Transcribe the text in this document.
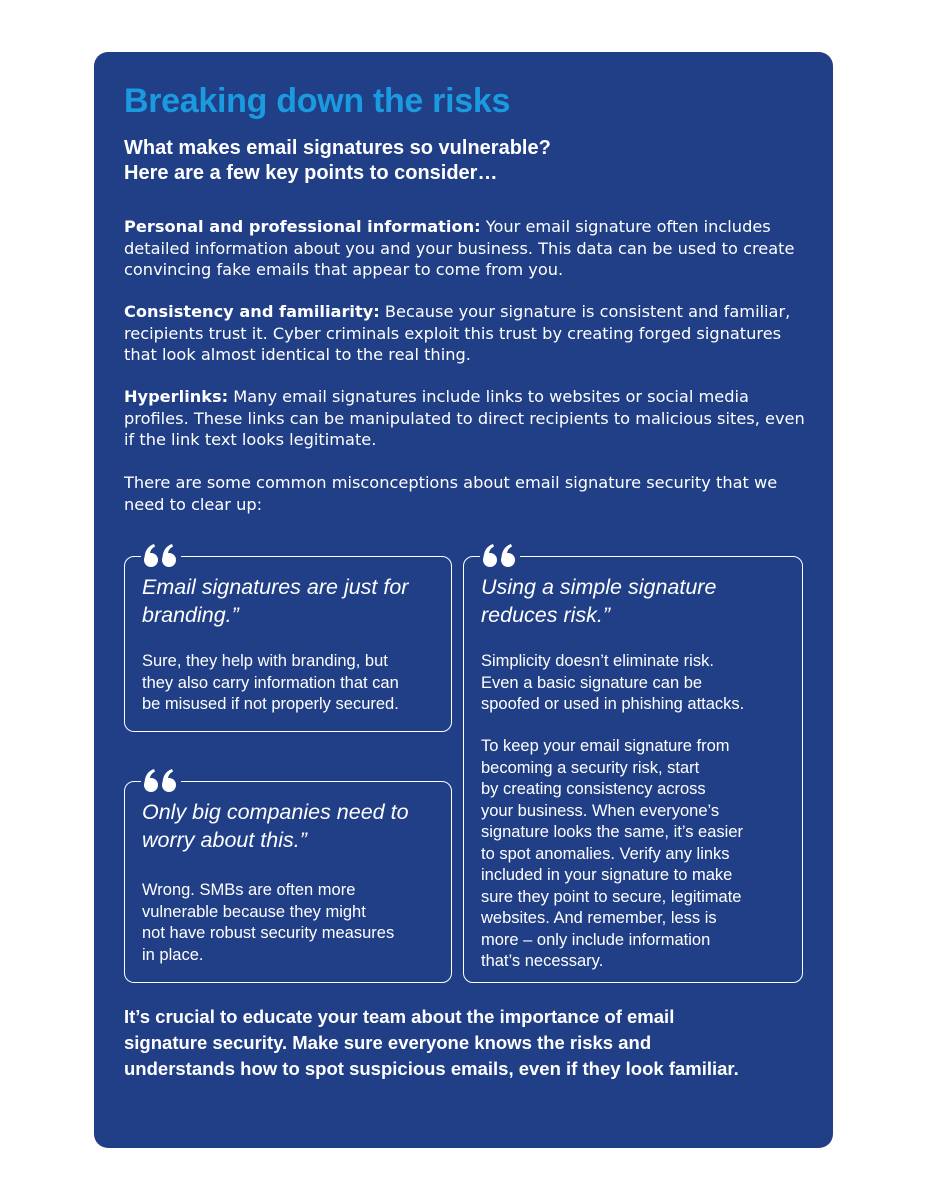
Breaking down the risks
What makes email signatures so vulnerable?
Here are a few key points to consider…

Personal and professional information: Your email signature often includes detailed information about you and your business. This data can be used to create convincing fake emails that appear to come from you.

Consistency and familiarity: Because your signature is consistent and familiar, recipients trust it. Cyber criminals exploit this trust by creating forged signatures that look almost identical to the real thing.

Hyperlinks: Many email signatures include links to websites or social media profiles. These links can be manipulated to direct recipients to malicious sites, even if the link text looks legitimate.

There are some common misconceptions about email signature security that we need to clear up:

Email signatures are just for
branding.”
Sure, they help with branding, but
they also carry information that can
be misused if not properly secured.
Only big companies need to
worry about this.”
Wrong. SMBs are often more
vulnerable because they might
not have robust security measures
in place.
Using a simple signature
reduces risk.”
Simplicity doesn’t eliminate risk.
Even a basic signature can be
spoofed or used in phishing attacks.
To keep your email signature from
becoming a security risk, start
by creating consistency across
your business. When everyone’s
signature looks the same, it’s easier
to spot anomalies. Verify any links
included in your signature to make
sure they point to secure, legitimate
websites. And remember, less is
more – only include information
that’s necessary.
It’s crucial to educate your team about the importance of email
signature security. Make sure everyone knows the risks and
understands how to spot suspicious emails, even if they look familiar.
